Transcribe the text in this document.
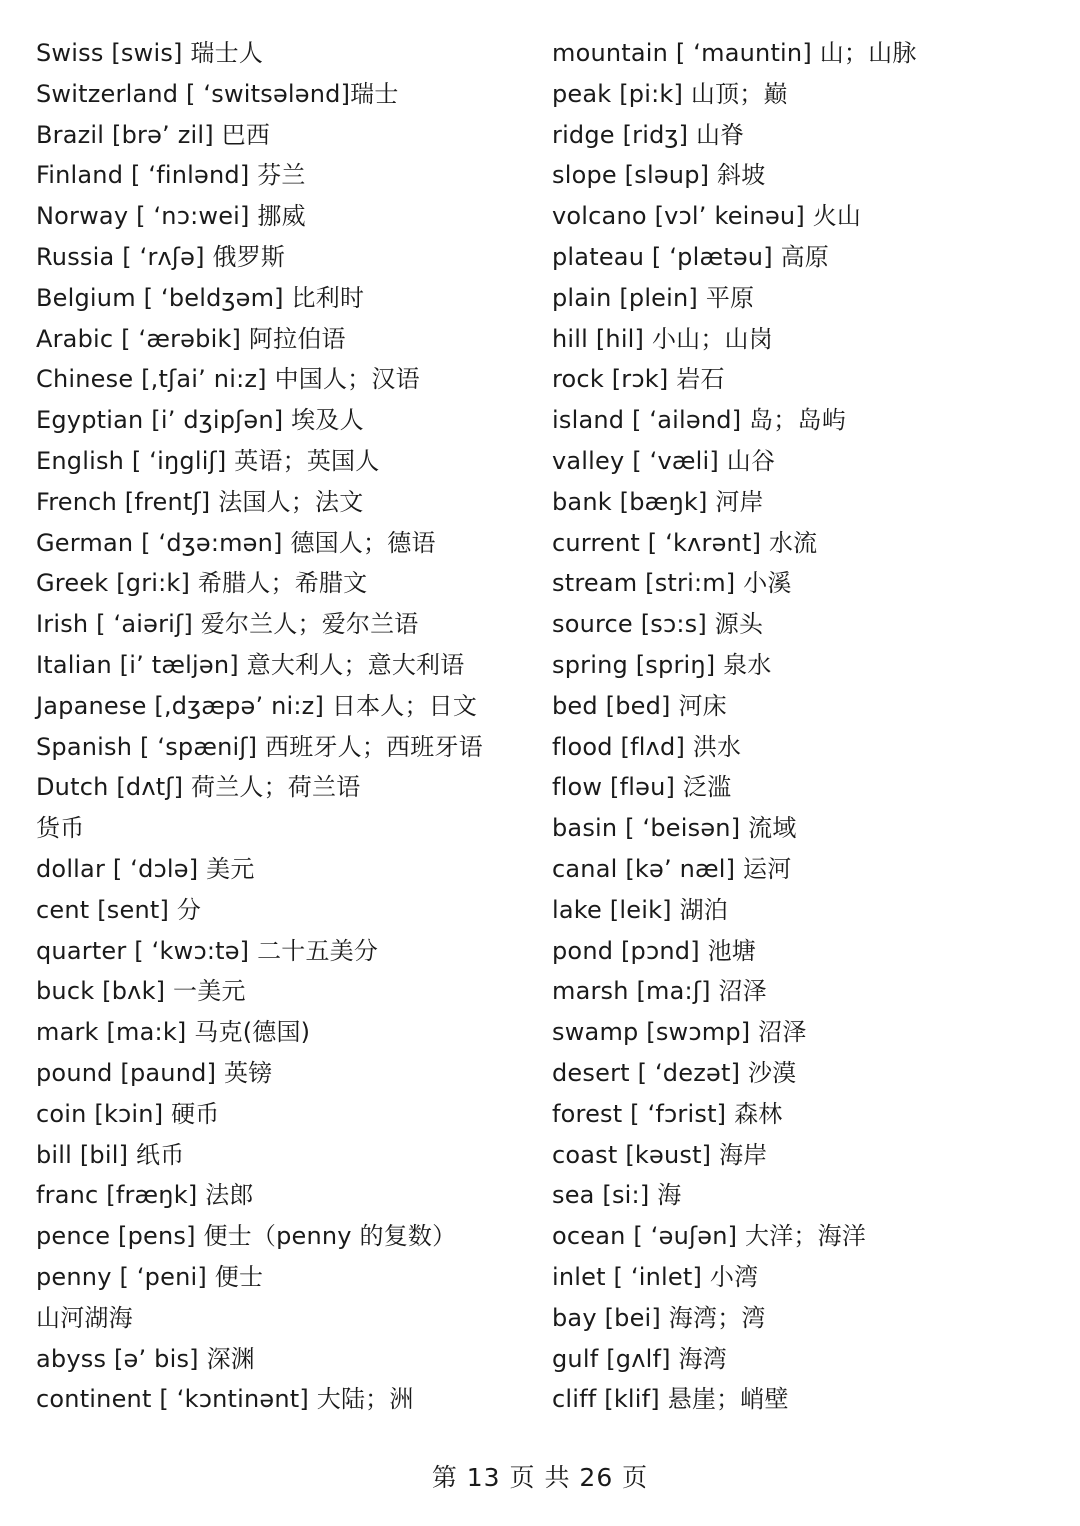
Swiss [swis] 瑞士人
Switzerland [ ‘switsələnd]瑞士
Brazil [brə’ zil] 巴西
Finland [ ‘finlənd] 芬兰
Norway [ ‘nɔ:wei] 挪威
Russia [ ‘rʌʃə] 俄罗斯
Belgium [ ‘beldʒəm] 比利时
Arabic [ ‘ærəbik] 阿拉伯语
Chinese [,tʃai’ ni:z] 中国人；汉语
Egyptian [i’ dʒipʃən] 埃及人
English [ ‘iŋgliʃ] 英语；英国人
French [frentʃ] 法国人；法文
German [ ‘dʒə:mən] 德国人；德语
Greek [gri:k] 希腊人；希腊文
Irish [ ‘aiəriʃ] 爱尔兰人；爱尔兰语
Italian [i’ tæljən] 意大利人；意大利语
Japanese [,dʒæpə’ ni:z] 日本人；日文
Spanish [ ‘spæniʃ] 西班牙人；西班牙语
Dutch [dʌtʃ] 荷兰人；荷兰语
货币
dollar [ ‘dɔlə] 美元
cent [sent] 分
quarter [ ‘kwɔ:tə] 二十五美分
buck [bʌk] 一美元
mark [ma:k] 马克(德国)
pound [paund] 英镑
coin [kɔin] 硬币
bill [bil] 纸币
franc [fræŋk] 法郎
pence [pens] 便士（penny 的复数）
penny [ ‘peni] 便士
山河湖海
abyss [ə’ bis] 深渊
continent [ ‘kɔntinənt] 大陆；洲
mountain [ ‘mauntin] 山；山脉
peak [pi:k] 山顶；巅
ridge [ridʒ] 山脊
slope [sləup] 斜坡
volcano [vɔl’ keinəu] 火山
plateau [ ‘plætəu] 高原
plain [plein] 平原
hill [hil] 小山；山岗
rock [rɔk] 岩石
island [ ‘ailənd] 岛；岛屿
valley [ ‘væli] 山谷
bank [bæŋk] 河岸
current [ ‘kʌrənt] 水流
stream [stri:m] 小溪
source [sɔ:s] 源头
spring [spriŋ] 泉水
bed [bed] 河床
flood [flʌd] 洪水
flow [fləu] 泛滥
basin [ ‘beisən] 流域
canal [kə’ næl] 运河
lake [leik] 湖泊
pond [pɔnd] 池塘
marsh [ma:ʃ] 沼泽
swamp [swɔmp] 沼泽
desert [ ‘dezət] 沙漠
forest [ ‘fɔrist] 森林
coast [kəust] 海岸
sea [si:] 海
ocean [ ‘əuʃən] 大洋；海洋
inlet [ ‘inlet] 小湾
bay [bei] 海湾；湾
gulf [gʌlf] 海湾
cliff [klif] 悬崖；峭壁
第 13 页 共 26 页
